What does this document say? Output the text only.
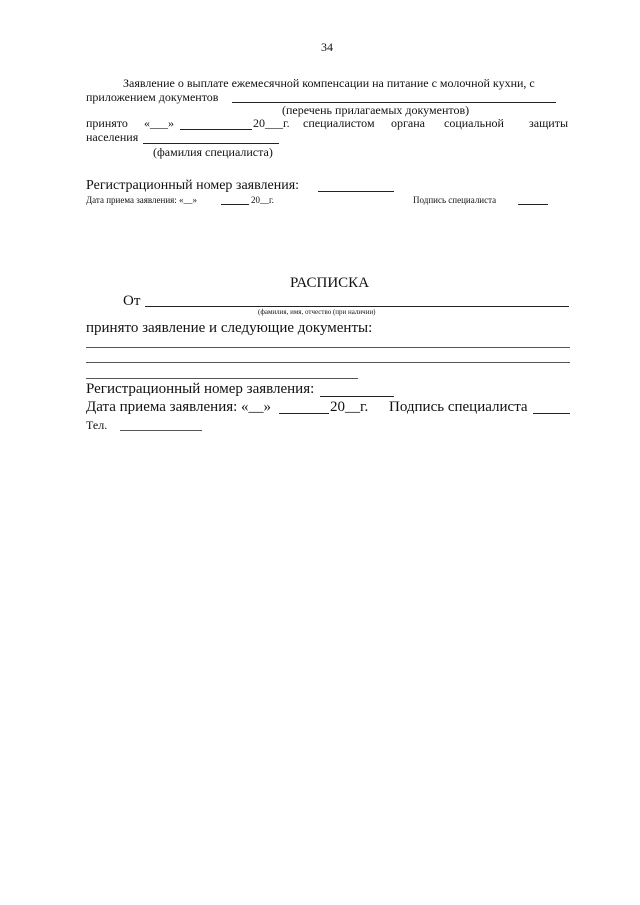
34
Заявление о выплате ежемесячной компенсации на питание с молочной кухни, с
приложением документов
(перечень прилагаемых документов)
принято «___»	20___г. специалистом органа социальной защиты
населения
(фамилия специалиста)
Регистрационный номер заявления:
Дата приема заявления: «__»	20__г.	Подпись специалиста
РАСПИСКА
От
(фамилия, имя, отчество (при наличии)
принято заявление и следующие документы:
Регистрационный номер заявления:
Дата приема заявления: «__»	20__г. Подпись специалиста
Тел.
